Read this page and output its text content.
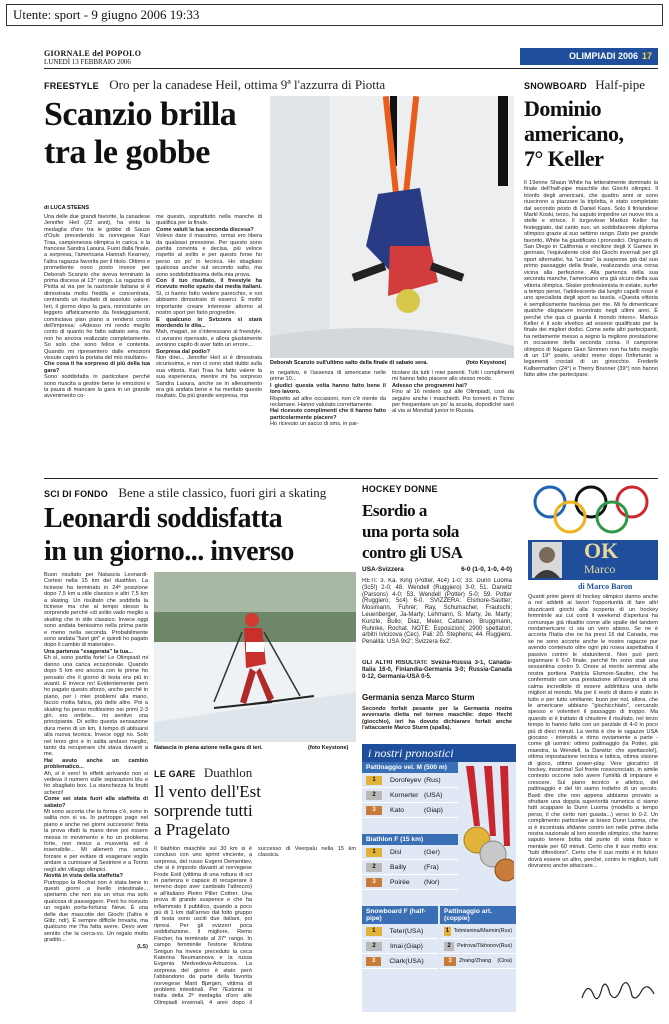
Utente: sport - 9 giugno 2006 19:33
GIORNALE del POPOLO
LUNEDÌ 13 FEBBRAIO 2006
OLIMPIADI 2006 17
FREESTYLE Oro per la canadese Heil, ottima 9ª l'azzurra di Piotta
Scanzio brilla
tra le gobbe
di LUCA STEENS

Una delle due grandi favorite, la canadese Jennifer Heil (22 anni), ha vinto la medaglia d'oro tra le gobbe di Sauze d'Oulx precedendo la norvegese Kari Traa, campionessa olimpica in carica, e la francese Sandra Laoura. Fuori dalla finale, a sorpresa, l'americana Hannah Kearney, l'altra ragazza favorita per il titolo. Ottimo e promettente nono posto invece per Deborah Scanzio che aveva terminato la prima discesa al 13° rango. La ragazza di Piotta al via per la nazionale italiana si è dimostrata molto fredda e concentrata, centrando un risultato di assoluto valore. Ieri, il giorno dopo la gara, nonostante un leggero affaticamento da festeggiamenti, cominciava pian piano a rendersi conto dell'impresa: «Adesso mi rendo meglio conto di quanto ho fatto sabato sera, ma non ho ancora realizzato completamente. So solo che sono felice e contenta. Quando mi ripresentero dalle emozioni vissute capirò la portata del mio risultato».

Che cosa ti ha sorpreso di più della tua gara?

Sono soddisfatta in particolare perché sono riuscita a gestire bene le emozioni e la paura di mancare la gara in un grande avvenimento co-

me questo, soprattutto nella manche di qualifica per la finale.

Come valuti la tua seconda discesa?

Volevo dare il massimo, ormai ero libera da qualsiasi pressione. Per questo sono partita convinta e decisa, più veloce rispetto al solito e per questo forse ho perso un po' in tecnica. Ho sbagliato qualcosa anche sul secondo salto, ma sono soddisfattissima della mia prova.

Con il tuo risultato, il freestyle ha ricevuto molto spazio dai media italiani.

Sì, ci hanno fatto vedere parecchio, e noi abbiamo dimostrato di esserci. È molto importante creare interesse attorno al nostro sport per farlo progredire.

E qualcuno in Svizzera si starà mordendo le dita...

Mah, magari, se s'interessano al freestyle, ci avranno ripensato, e allora giustamente avranno capito di aver fatto un errore...

Sorpresa dal podio?

Non direi... Jennifer Heil si è dimostrata sicurissima, e non ci sono stati dubbi sulla sua vittoria. Kari Traa ha fatto valere la sua esperienza, mentre mi ha sorpreso Sandra Laoura, anche se in allenamento era già andata bene e ha meritato questo risultato. Da più grande sorpresa, ma

Deborah Scanzio sull'ultimo salto della finale di sabato sera.	(foto Keystone)

in negativo, è l'assenza di americane nelle prime 10...

I giudici questa volta hanno fatto bene il loro lavoro.

Rispetto ad altre occasioni, non c'è niente da reclamare. Hanno valutato correttamente.

Hai ricevuto complimenti che ti hanno fatto particolarmente piacere?

Ho ricevuto un sacco di sms, in par-

ticolare da tutti i miei parenti. Tutti i complimenti mi hanno fatto piacere allo stesso modo.

Adesso che programmi hai?

Fino al 16 resterò qui alle Olimpiadi, così da seguire anche i maschietti. Poi tornerò in Ticino per frequentare un po' la scuola, dopodiché sarò al via ai Mondiali junior in Russia.

SNOWBOARD Half-pipe
Dominio
americano,
7° Keller
Il 19enne Shaun White ha letteralmente dominato la finale dell'half-pipe maschile dei Giochi olimpici. Il trionfo degli americani, che quattro anni or sono riuscirono a piazzare la tripletta, è stato completato dal secondo posto di Daniel Kass. Solo il finlandese Markl Koski, terzo, ha saputo impedire un nuovo tris a stelle e strisce. Il turgoviese Markus Keller ha festeggiato, dal canto suo, un soddisfacente diploma olimpico grazie al suo settimo rango. Dato per grande favorito, White ha giustificato i pronostici. Originario di San Diego in California e vincitore degli X Games in gennaio, l'equivalente cioè dei Giochi invernali per gli sport alternativi, ha "ucciso" la suspense già dal suo primo passaggio della finale, realizzando una corsa vicina alla perfezione. Alla partenza della sua seconda manche, l'americano era già sicuro della sua vittoria olimpica. Skater professionista in estate, surfer a tempo perso, l'adolescente dai lunghi capelli rossi è uno specialista degli sport su tavola. «Questa vittoria è semplicemente favolosa per me. Mi fa dimenticare qualche dispiacere incontrato negli ultimi anni. È perché che qua ci guarda il mondo intero». Markus Keller è il solo elvetico ad essersi qualificato per la finale dei migliori dodici. Come sette altri partecipanti, ha nettamente messo a segno la migliore prestazione in occasione della seconda corsa. Il campione olimpico di Nagano Gian Simmen non ha fatto meglio di un 19° posto, undici meno dopo l'infortunio a legamenti crociati di un ginocchio. Frederik Kalbermatten (24°) e Therry Brunner (39°) non hanno fatto altre che partecipare.
SCI DI FONDO Bene a stile classico, fuori giri a skating
Leonardi soddisfatta
in un giorno... inverso

Buon risultato per Natascia Leonardi-Cortesi nella 15 km del duathlon. La ticinese ha terminato in 24ª posizione dopo 7,5 km a stile classico e altri 7,5 km a skating. Un risultato che soddisfa la ticinese ma che al tempo stesso la sorprende perché «di solito vado meglio a skating che in stile classico. Invece oggi sono andata benissimo nella prima parte e meno nella seconda. Probabilmente sono andata "fuori giri" e quindi ho pagato dopo il cambio di materiale».

Una partenza "esagerata" la tua...

Eh sì, sono partita forte! Le Olimpiadi mi danno una carica eccezionale. Quando dopo 5 km ero ancora con le prime ho pensato che il giorno di testa era più in avanti. E invece no! Evidentemente però ho pagato questo sforzo, anche perché in piano, per i miei problemi alla mano, faccio molta fatica, più delle altre. Poi a skating ho perso moltissimo nei primi 2-3 giri, ero orribile... mi sentivo una principiante. Di solito questa sensazione dura meno di un km, il tempo di abituarsi alla nuova tecnica. Invece oggi no. Solo nel terzo giro e in salita andavo meglio, tanto da recuperare chi stava davanti a me.

Hai avuto anche un cambio problematico...

Ah, sì è vero! In effetti arrivando non si vedeva il numero sulle separazioni blu e ho sbagliato box. La stanchezza fa brutti scherzi!

Come sei stata fuori alla staffetta di sabato?

Mi sono accorta che la forma c'è, sono in salita non si va. Io purtroppo pago nel piano e anche nei giorni successivi: finita la prova rifatti la mano deve poi essere messa in movimento e ho un problema forte, non riesco a muoverla ed è insensibile... Mi allenerò ma senza forzare e per evitare di esagerare voglio andare a curiosare al Sestriere e a Torino negli altri villaggi olimpici.

Novità in vista della staffetta?

Purtroppo la Rochat non è stata bene in questi giorni a livello intestinale... speriamo che non sia un virus ma solo qualcosa di passeggero. Però ho ricevuto un regalo porta-fortuna: Neve. È una delle due mascotte dei Giochi (l'altra è Glitz, ndr). È sempre difficile trovarla, ma qualcuno me l'ha fatta avere. Devo aver sentito che la cerca-vo. Un regalo molto gradito...

(LS)

Natascia in piena azione nella gara di ieri.	(foto Keystone)
LE GARE Duathlon
Il vento dell'Est
sorprende tutti
a Pragelato
Il biathlon maschile sui 30 km si è concluso con uno sprint vincente, a sorpresa, del russo Evgeni Dementiev, che si è imposto davanti al norvegese Frode Estil (vittima di una rottura di sci in partenza e capace di recuperare il terreno dopo aver cambiato l'attrezzo) e all'italiano Pietro Piller Cottrer. Una prova di grande suspence e che ha infiammato il pubblico, quando a poco più di 1 km dall'arrivo dal folto gruppo di testa sono usciti due italiani, poi ripresi. Per gli svizzeri poca soddisfazione, il migliore, Remo Fischer, ha terminato al 37° rango. In campo femminile l'estone Kristina Smigun ha invece preceduto la ceca Katerina Neumannova e la russa Evgenia Medvedeva-Arbuzova. La sorpresa del giorno è stato però l'abbandono da parte della favorita norvegese Marit Bjørgen, vittima di problemi intestinali. Per l'Estonia si tratta della 2ª medaglia d'oro alle Olimpiadi invernali, 4 anni dopo il successo di Veerpalu nella 15 km classica.
HOCKEY DONNE
Esordio a
una porta sola
contro gli USA
USA-Svizzera	6-0 (1-0, 1-0, 4-0)
RETI: 3. Ka. King (Potter, 4c4) 1-0; 33. Dunn Luoma (3c5!) 2-0; 48. Wendell (Ruggiero) 3-0; 51. Darwitz (Parsons) 4-0; 53. Wendell (Potter) 5-0; 59. Potter (Ruggiero; 5c4) 6-0. SVIZZERA: Elsmore-Sautter; Mosimann, Fuhrer; Ray, Schumacher, Frautschi; Leuenberger, Ja-Marty; Lehmann, S. Marty, Je. Marty; Kunzle, Bullo; Diaz, Meier, Cattaneo; Bruggmann, Ruhnke, Rochat. NOTE: Esposizioni; 2900 spettatori; arbitri Ivicicova (Cec). Pali: 20. Stephens; 44. Ruggiero. Penalità: USA 9x2'; Svizzera 6x2'.
GLI ALTRI RISULTATI: Svezia-Russia 3-1, Canada-Italia 16-0, Finlandia-Germania 3-0; Russia-Canada 0-12, Germania-USA 0-5.
Germania senza Marco Sturm
Secondo forfait pesante per la Germania nostra avversaria dietta nel torneo maschile: dopo Hecht (giocchio), ieri ha dovuto dichiarare forfait anche l'attaccante Marco Sturm (spalla).
i nostri pronostici
Pattinaggio vel. M (500 m)
1	Dorofeyev (Rus)
2	Kornerter (USA)
3	Kato	(Giap)
Biathlon F (15 km)
1	Disl	(Ger)
2	Bailly	(Fra)
3	Poirée	(Nor)
Snowboard F (half-pipe)
1	Teter (USA)
2	Imai (Giap)
3	Clark (USA)
Pattinaggio art. (coppie)
1 Totmianina/Marinin (Rus)
2	Petrova/Tikhonov (Rus)
3	Zhang/Zhang	(Cina)
OK
Marco
di Marco Baron
Quanti primi giorni di hockey olimpico danno anche a noi addetti ai lavori l'opportunità di fare altri stuzzicanti giochi alla scoperta di un hockey femminile sui cui conti il weekend d'apertura ha comunque già ribadito come alle spalle del tandem nordamericano ci sia un vero abisso. Se ne è accorta l'Italia che ne ha presi 16 dal Canada, ma se ne sono accorte anche le nostre ragazze pur avendo contenuto oltre ogni più rosea aspettativa il passivo contro le statunitensi. Non può però ingannare il 6-0 finale, perché fin sono stati una sessantina contro 9. Onore al merito semmai alla nostra portiera Patricia Elsmore-Sautter, che ha confermato con una prestazione all'insegna di una calma incredibile di essere addirittura una delle migliori al mondo. Ma per il resto di diario è stato in tutto e per tutto umiliante; buon per noi, allora, che le americane abbiano "giochicchiato", cercando spesso e volentieri il passaggio di troppo. Ma quando si è trattato di chiudere il risultato, nel terzo tempo lo hanno fatto con un parziale di 4-0 in poco più di dieci minuti. La verità è che le ragazze USA giocano - intensità e ritmo ovviamente a parte - come gli uomini: ottimo pattinaggio (la Potter, già maestra, la Wendell, la Darwitz: che spettacolo!), ottima impostazione tecnica e tattica, ottima visione di gioco, ottimo power-play. Vere giocatrici di hockey, insomma! Sul fronte rossocrociato, in simile contesto occorre solo avere l'umiltà di imparare e crescere. Sul piano tecnico e atletico, del pattinaggio e del tiri siamo indietro di un secolo. Basti dire che non appena abbiamo provato a sfruttare una doppia superiorità numerica ci siamo fatti scappare la Dunn Luoma (modello a tempo perso, il che certo non guasta...) verso lo 0-2. Un complimento particolare ai bravo Dunn Luoma, che si è incontrata sfidante contro ieri nelle prime della nostra nazionale al loro esordio olimpico, che hanno saputo tenere botta dal punto di vista fisico e mentale per 60 minuti. Certo che il suo motto era: "tutti difendono". Certo che il suo motto è in futuro dovrà essere un altro, perché, contro le migliori, tutti dovranno anche attaccare...
